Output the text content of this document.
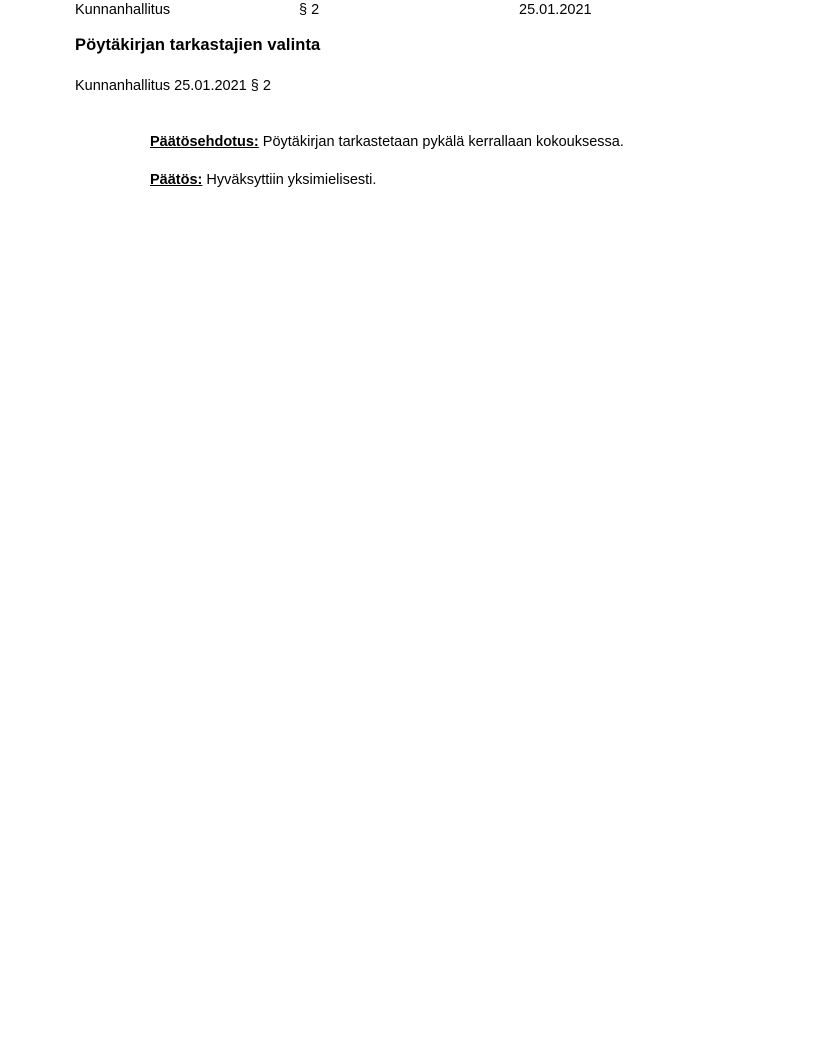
Kunnanhallitus	§ 2	25.01.2021
Pöytäkirjan tarkastajien valinta
Kunnanhallitus 25.01.2021 § 2

Päätösehdotus: Pöytäkirjan tarkastetaan pykälä kerrallaan kokouksessa.

Päätös: Hyväksyttiin yksimielisesti.
